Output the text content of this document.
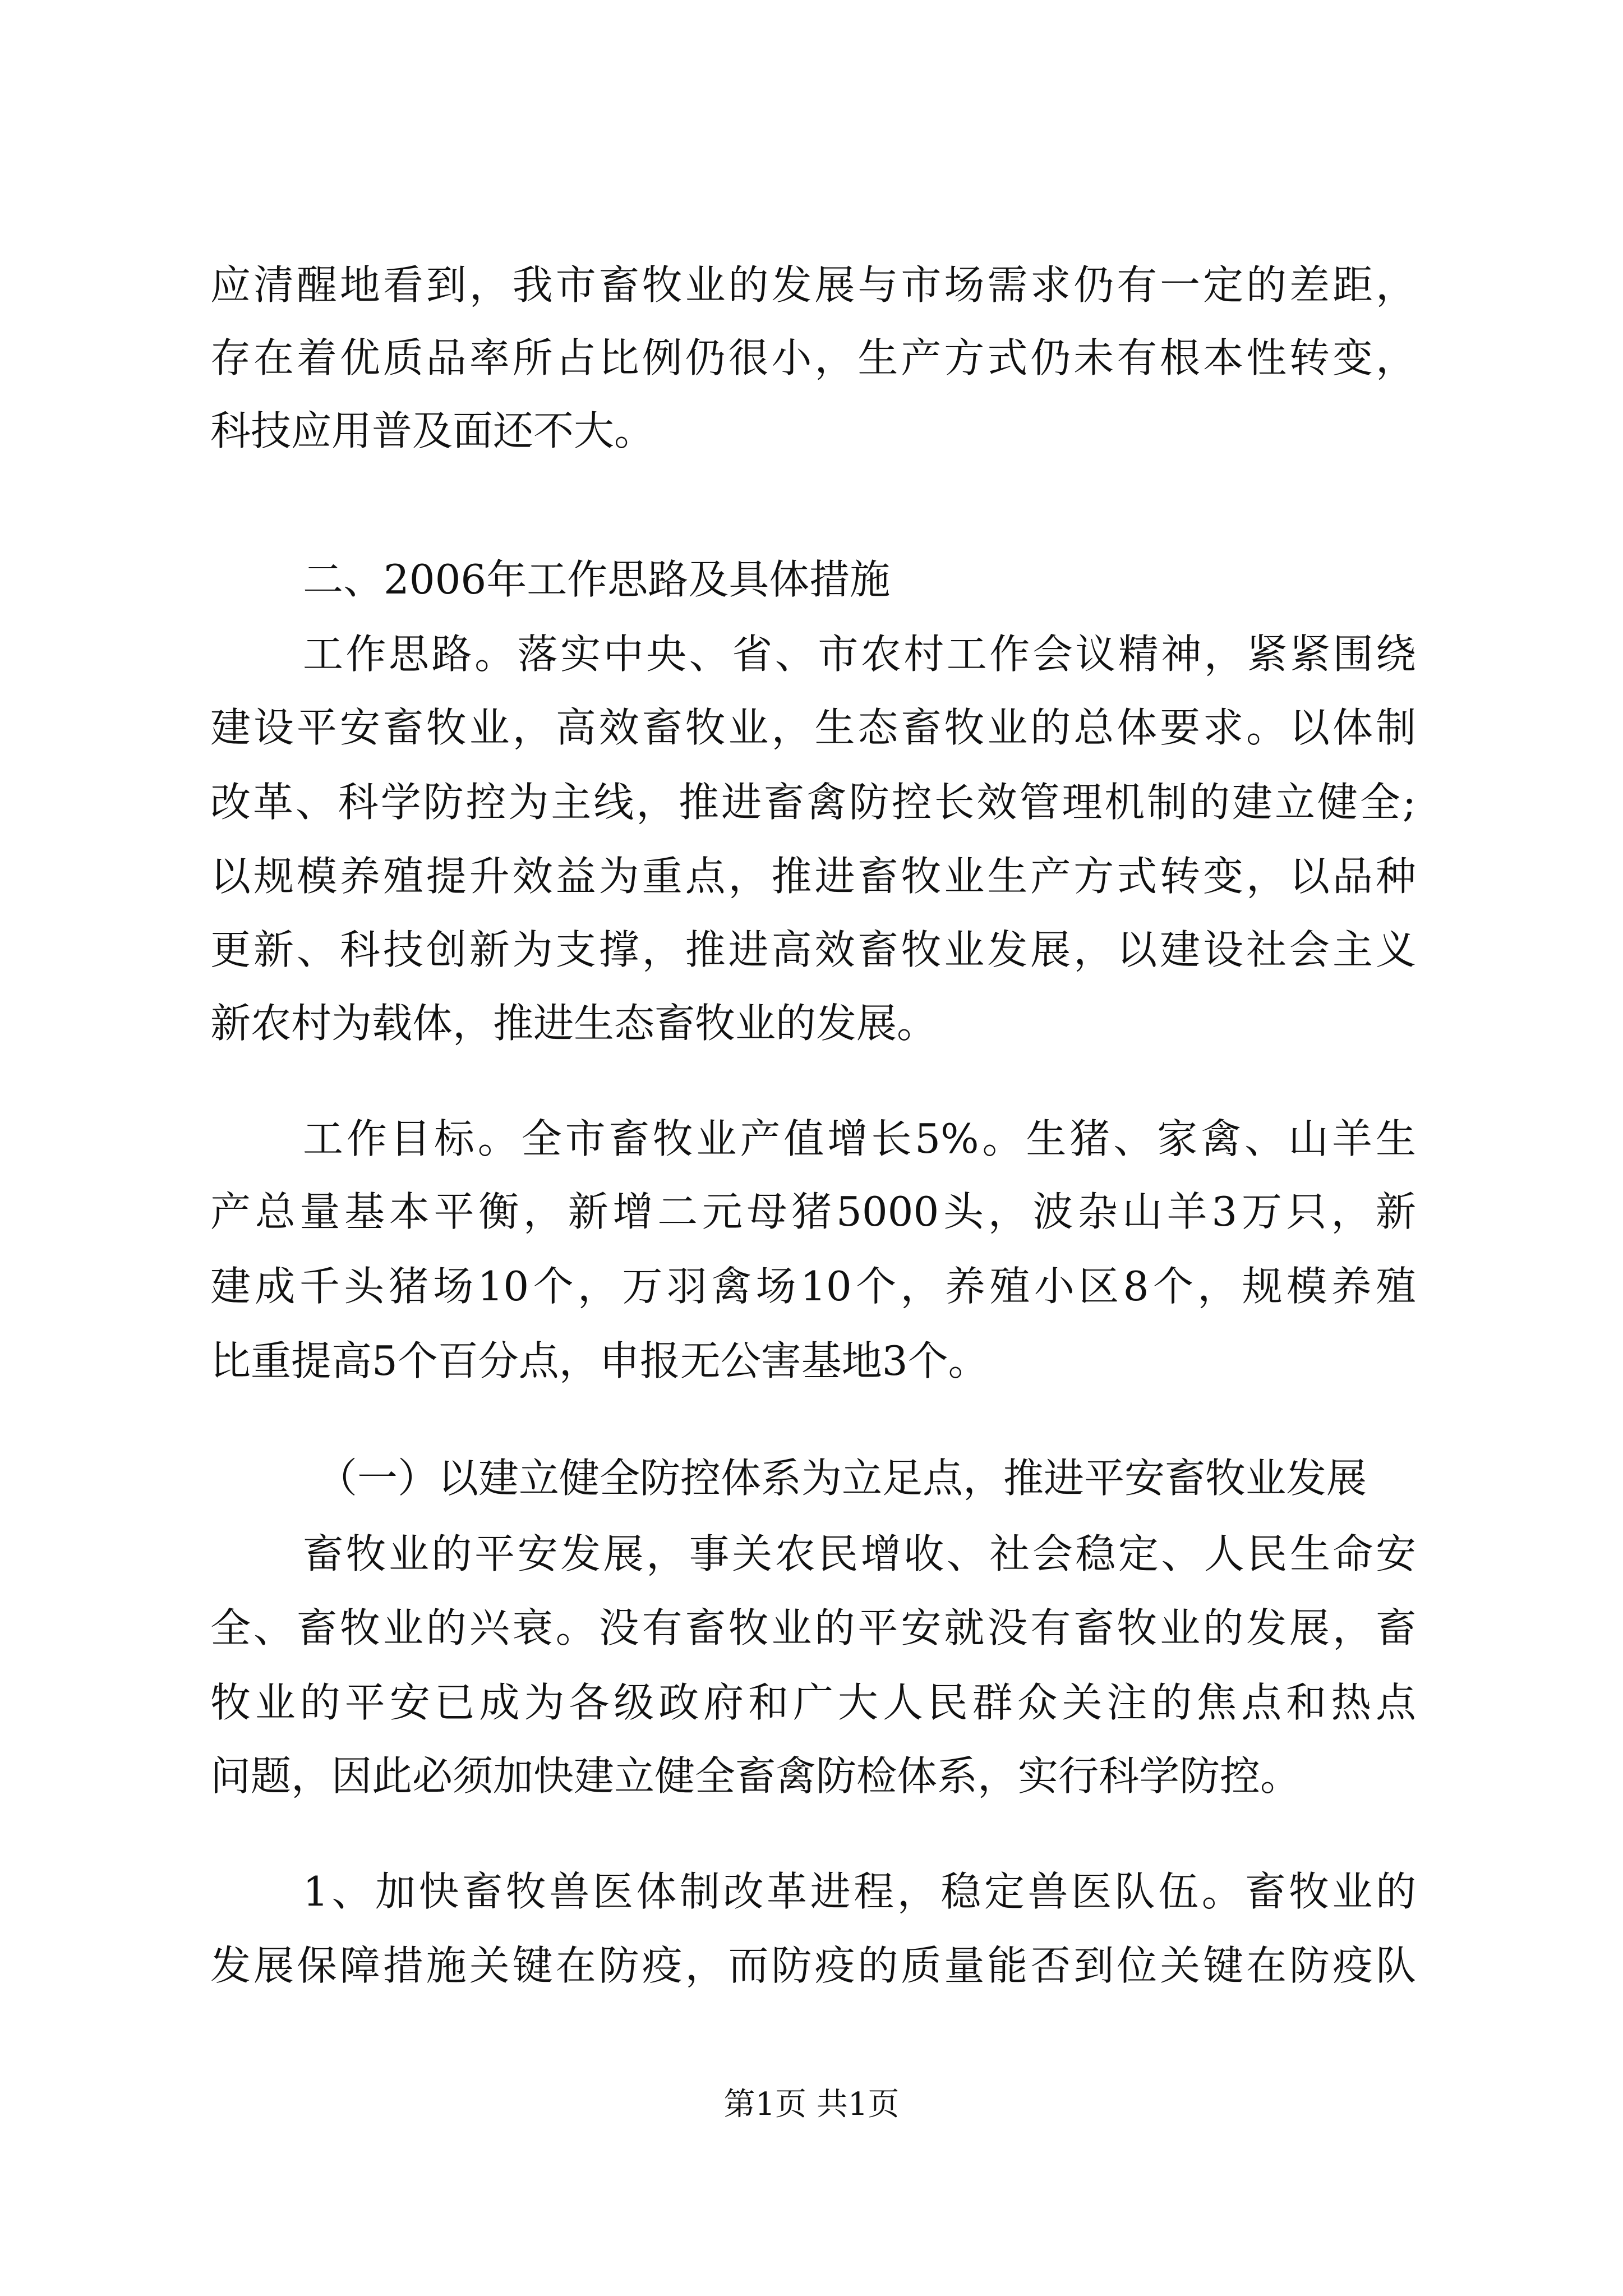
应清醒地看到，我市畜牧业的发展与市场需求仍有一定的差距，
存在着优质品率所占比例仍很小，生产方式仍未有根本性转变，
科技应用普及面还不大。
二、2006年工作思路及具体措施
工作思路。落实中央、省、市农村工作会议精神，紧紧围绕
建设平安畜牧业，高效畜牧业，生态畜牧业的总体要求。以体制
改革、科学防控为主线，推进畜禽防控长效管理机制的建立健全;
以规模养殖提升效益为重点，推进畜牧业生产方式转变，以品种
更新、科技创新为支撑，推进高效畜牧业发展，以建设社会主义
新农村为载体，推进生态畜牧业的发展。
工作目标。全市畜牧业产值增长5%。生猪、家禽、山羊生
产总量基本平衡，新增二元母猪5000头，波杂山羊3万只，新
建成千头猪场10个，万羽禽场10个，养殖小区8个，规模养殖
比重提高5个百分点，申报无公害基地3个。
（一）以建立健全防控体系为立足点，推进平安畜牧业发展
畜牧业的平安发展，事关农民增收、社会稳定、人民生命安
全、畜牧业的兴衰。没有畜牧业的平安就没有畜牧业的发展，畜
牧业的平安已成为各级政府和广大人民群众关注的焦点和热点
问题，因此必须加快建立健全畜禽防检体系，实行科学防控。
1、加快畜牧兽医体制改革进程，稳定兽医队伍。畜牧业的
发展保障措施关键在防疫，而防疫的质量能否到位关键在防疫队
第1页 共1页
